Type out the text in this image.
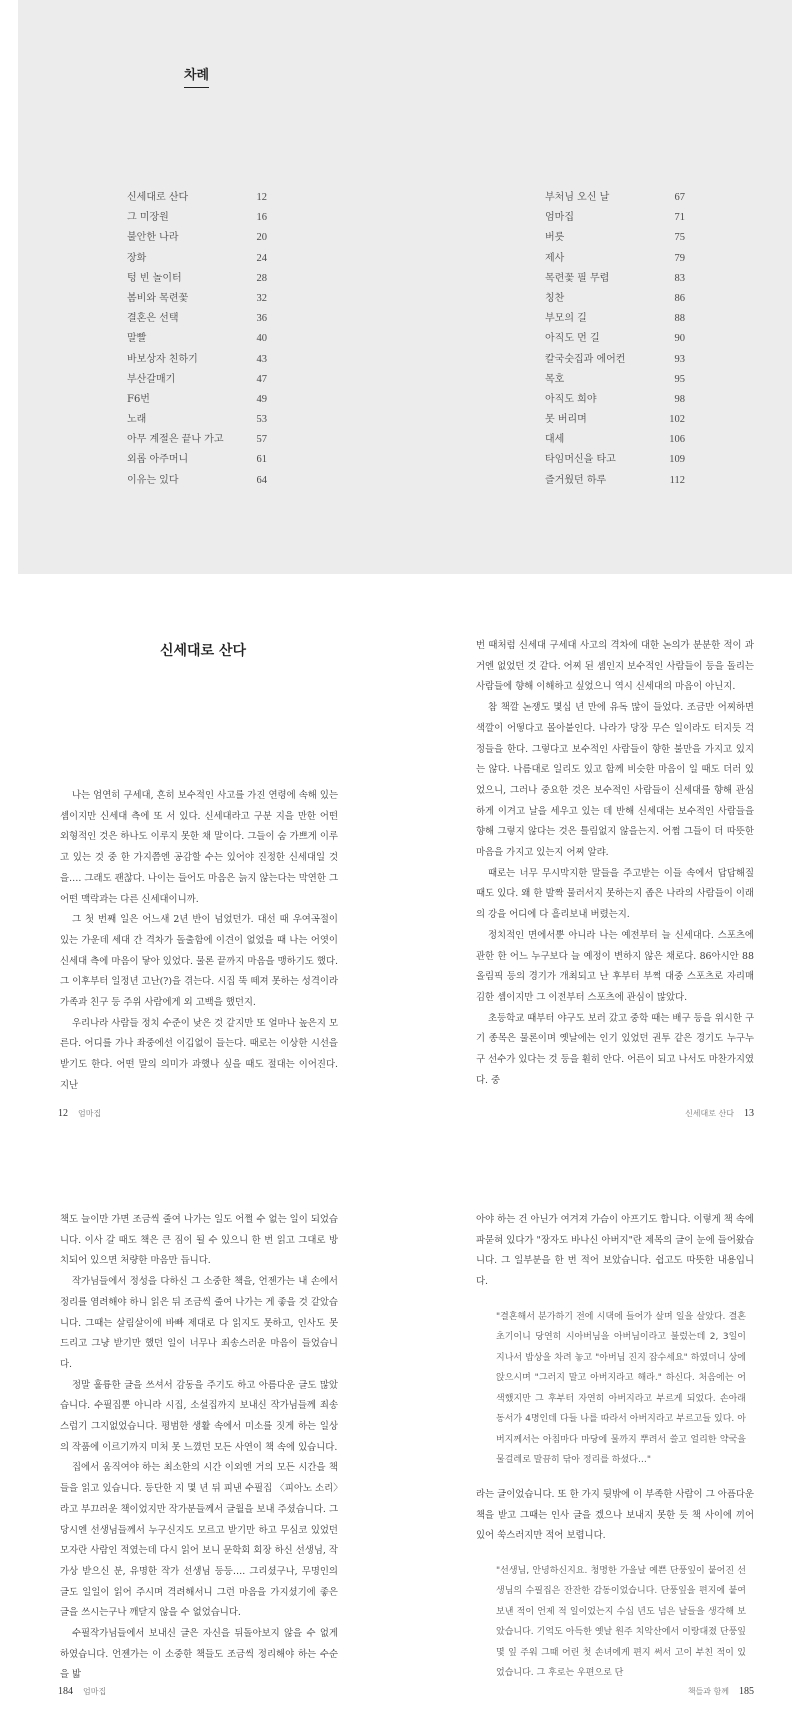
차례
신세대로 산다	12
그 미장원	16
불안한 나라	20
장화	24
텅 빈 놀이터	28
봄비와 목련꽃	32
결혼은 선택	36
말빨	40
바보상자 친하기	43
부산갈매기	47
F6번	49
노래	53
아무 계절은 끝나 가고	57
외롭 아주머니	61
이유는 있다	64
부처님 오신 날	67
엄마집	71
버릇	75
제사	79
목련꽃 필 무렵	83
칭찬	86
부모의 길	88
아직도 먼 길	90
칼국숫집과 에어컨	93
목호	95
아직도 희야	98
못 버리며	102
대세	106
타임머신을 타고	109
즐거웠던 하루	112
신세대로 산다

나는 엄연히 구세대, 흔히 보수적인 사고를 가진 연령에 속해 있는 셈이지만 신세대 측에 또 서 있다. 신세대라고 구분 지을 만한 어떤 외형적인 것은 하나도 이루지 못한 채 말이다. 그들이 숨 가쁘게 이루고 있는 것 중 한 가지쯤엔 공감할 수는 있어야 진정한 신세대일 것을…. 그래도 괜찮다. 나이는 들어도 마음은 늙지 않는다는 막연한 그 어떤 맥락과는 다른 신세대이니까.

그 첫 번째 일은 어느새 2년 반이 넘었던가. 대선 때 우여곡절이 있는 가운데 세대 간 격차가 돌출함에 이견이 없었을 때 나는 어엿이 신세대 측에 마음이 닿아 있었다. 물론 끝까지 마음을 맹하기도 했다. 그 이후부터 일정년 고난(?)을 겪는다. 시집 뚝 떼져 못하는 성격이라 가족과 친구 등 주위 사람에게 외 고백을 했던지.

우리나라 사람들 정치 수준이 낮은 것 같지만 또 얼마나 높은지 모른다. 어디를 가나 좌중에선 이깁없이 들는다. 때로는 이상한 시선을 받기도 한다. 어떤 말의 의미가 과했나 싶을 때도 절대는 이어진다. 지난

번 때처럼 신세대 구세대 사고의 격차에 대한 논의가 분분한 적이 과거엔 없었던 것 같다. 어찌 된 셈인지 보수적인 사람들이 등을 돌리는 사람들에 향해 이해하고 싶었으니 역시 신세대의 마음이 아닌지.

참 책깔 논쟁도 몇십 년 만에 유독 많이 들었다. 조금만 어찌하면 색깔이 어떻다고 몰아붙인다. 나라가 당장 무슨 일이라도 터지듯 걱정들을 한다. 그렇다고 보수적인 사람들이 향한 불만을 가지고 있지는 않다. 나름대로 일리도 있고 함께 비슷한 마음이 일 때도 더러 있었으니, 그러나 중요한 것은 보수적인 사람들이 신세대를 향해 관심하게 이겨고 날을 세우고 있는 데 반해 신세대는 보수적인 사람들을 향해 그렇지 않다는 것은 틀림없지 않을는지. 어쩜 그들이 더 따뜻한 마음을 가지고 있는지 어찌 알랴.

때로는 너무 무시막지한 말들을 주고받는 이들 속에서 답답해질 때도 있다. 왜 한 발짝 물러서지 못하는지 좁은 나라의 사람들이 이래의 강을 어디에 다 흘리보내 버렸는지.

정치적인 면에서뿐 아니라 나는 예전부터 늘 신세대다. 스포츠에 관한 한 어느 누구보다 늘 예정이 변하지 않은 채로다. 86아시안 88올림픽 등의 경기가 개최되고 난 후부터 부쩍 대중 스포츠로 자리매김한 셈이지만 그 이전부터 스포츠에 관심이 많았다.

초등학교 때부터 야구도 보러 갔고 중학 때는 배구 등을 위시한 구기 종목은 물론이며 옛날에는 인기 있었던 권투 같은 경기도 누구누구 선수가 있다는 것 등을 훤히 안다. 어른이 되고 나서도 마찬가지였다. 중

12 엄마집	신세대로 산다 13

책도 늘이만 가면 조금씩 줄여 나가는 일도 어쩔 수 없는 일이 되었습니다. 이사 갈 때도 책은 큰 짐이 될 수 있으니 한 번 읽고 그대로 방치되어 있으면 처량한 마음만 듭니다.

작가님들에서 정성을 다하신 그 소중한 책을, 언젠가는 내 손에서 정리를 염려해야 하니 읽은 뒤 조금씩 줄여 나가는 게 좋을 것 같았습니다. 그때는 살림살이에 바빠 제대로 다 읽지도 못하고, 인사도 못 드리고 그냥 받기만 했던 일이 너무나 죄송스러운 마음이 들었습니다.

정말 훌륭한 글을 쓰셔서 감동을 주기도 하고 아름다운 글도 많았습니다. 수필집뿐 아니라 시집, 소설집까지 보내신 작가님들께 죄송스럽기 그지없었습니다. 평범한 생활 속에서 미소를 짓게 하는 일상의 작품에 이르기까지 미처 못 느꼈던 모든 사연이 책 속에 있습니다.

집에서 움직여야 하는 최소한의 시간 이외엔 거의 모든 시간을 책들을 읽고 있습니다. 등단한 지 몇 년 뒤 피낸 수필집 〈피아노 소리〉라고 부끄러운 책이었지만 작가분들께서 글월을 보내 주셨습니다. 그 당시엔 선생님들께서 누구신지도 모르고 받기만 하고 무심코 있었던 모자란 사람인 적였는데 다시 읽어 보니 문학회 회장 하신 선생님, 작가상 받으신 분, 유명한 작가 선생님 등등…. 그리셨구나, 무명인의 글도 일일이 읽어 주시며 격려해서니 그런 마음을 가지셨기에 좋은 글을 쓰시는구나 깨닫지 않을 수 없었습니다.

수필작가님들에서 보내신 글은 자신을 뒤돌아보지 않을 수 없게 하였습니다. 언젠가는 이 소중한 책들도 조금씩 정리해야 하는 수순을 밟

아야 하는 건 아닌가 여겨져 가슴이 아프기도 합니다. 이렇게 책 속에 파묻혀 있다가 "장자도 바나신 아버지"란 제목의 글이 눈에 들어왔습니다. 그 일부분을 한 번 적어 보았습니다. 쉽고도 따뜻한 내용입니다.

"결혼해서 분가하기 전에 시댁에 들어가 살며 일을 살았다. 결혼 초기이니 당연히 시아버님을 아버님이라고 불렀는데 2, 3일이 지나서 밥상을 차려 놓고 "아버님 진지 잡수세요" 하였더니 상에 앉으시며 "그러지 말고 아버지라고 해라." 하신다. 처음에는 어색했지만 그 후부터 자연히 아버지라고 부르게 되었다. 손아래 동서가 4명인데 다들 나를 따라서 아버지라고 부르고들 있다. 아버지께서는 아침마다 마당에 물까지 뿌려서 쓸고 얼리한 약국을 물걸레로 말끔히 닦아 정리를 하셨다…"

라는 글이었습니다. 또 한 가지 뒷밖에 이 부족한 사람이 그 아픔다운 책을 받고 그때는 인사 글을 겠으나 보내지 못한 듯 책 사이에 끼어 있어 쑥스러지만 적어 보렵니다.

"선생님, 안녕하신지요. 청명한 가을날 예쁜 단풍잎이 붙어진 선생님의 수필집은 잔잔한 감동이었습니다. 단풍잎을 편지에 붙여 보낸 적이 언제 적 일이었는지 수십 년도 넘은 날들을 생각해 보았습니다. 기억도 아득한 옛날 원주 치악산에서 이랑대졌 단풍잎 몇 잎 주워 그때 어린 첫 손녀에게 편지 써서 고이 부친 적이 있었습니다. 그 후로는 우편으로 단

184 엄마집	책들과 함께 185
